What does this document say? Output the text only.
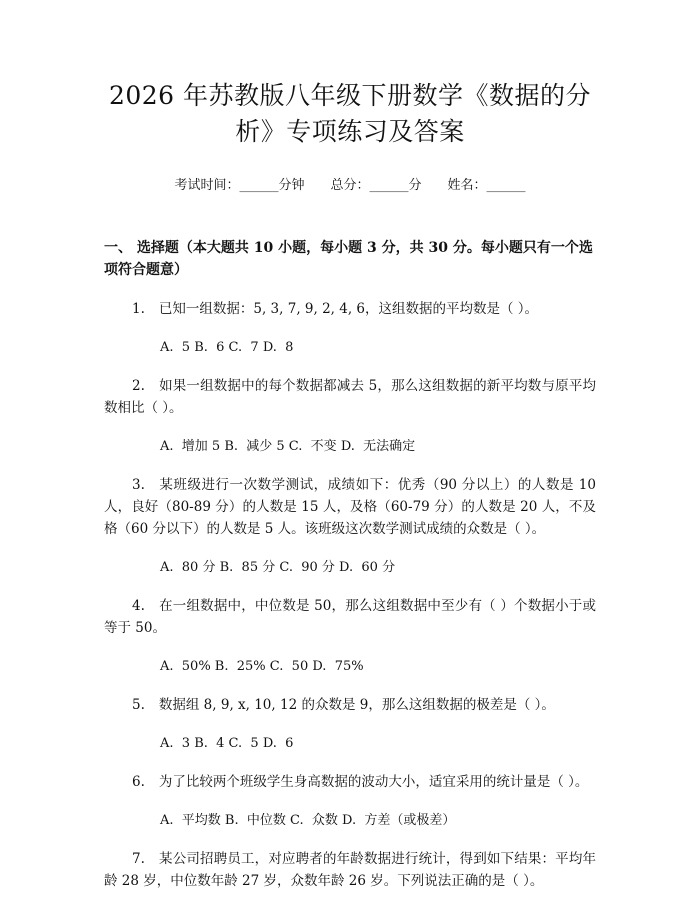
2026 年苏教版八年级下册数学《数据的分析》专项练习及答案
考试时间：______分钟 总分：______分 姓名：______
一、 选择题（本大题共 10 小题，每小题 3 分，共 30 分。每小题只有一个选项符合题意）
1. 已知一组数据：5, 3, 7, 9, 2, 4, 6，这组数据的平均数是（ ）。
A.  5 B.  6 C.  7 D.  8
2. 如果一组数据中的每个数据都减去 5，那么这组数据的新平均数与原平均数相比（ ）。
A.  增加 5 B.  减少 5 C.  不变 D.  无法确定
3. 某班级进行一次数学测试，成绩如下：优秀（90 分以上）的人数是 10 人，良好（80-89 分）的人数是 15 人，及格（60-79 分）的人数是 20 人，不及格（60 分以下）的人数是 5 人。该班级这次数学测试成绩的众数是（ ）。
A.  80 分 B.  85 分 C.  90 分 D.  60 分
4. 在一组数据中，中位数是 50，那么这组数据中至少有（ ）个数据小于或等于 50。
A.  50% B.  25% C.  50 D.  75%
5. 数据组 8, 9, x, 10, 12 的众数是 9，那么这组数据的极差是（ ）。
A.  3 B.  4 C.  5 D.  6
6. 为了比较两个班级学生身高数据的波动大小，适宜采用的统计量是（ ）。
A.  平均数 B.  中位数 C.  众数 D.  方差（或极差）
7. 某公司招聘员工，对应聘者的年龄数据进行统计，得到如下结果：平均年龄 28 岁，中位数年龄 27 岁，众数年龄 26 岁。下列说法正确的是（ ）。
